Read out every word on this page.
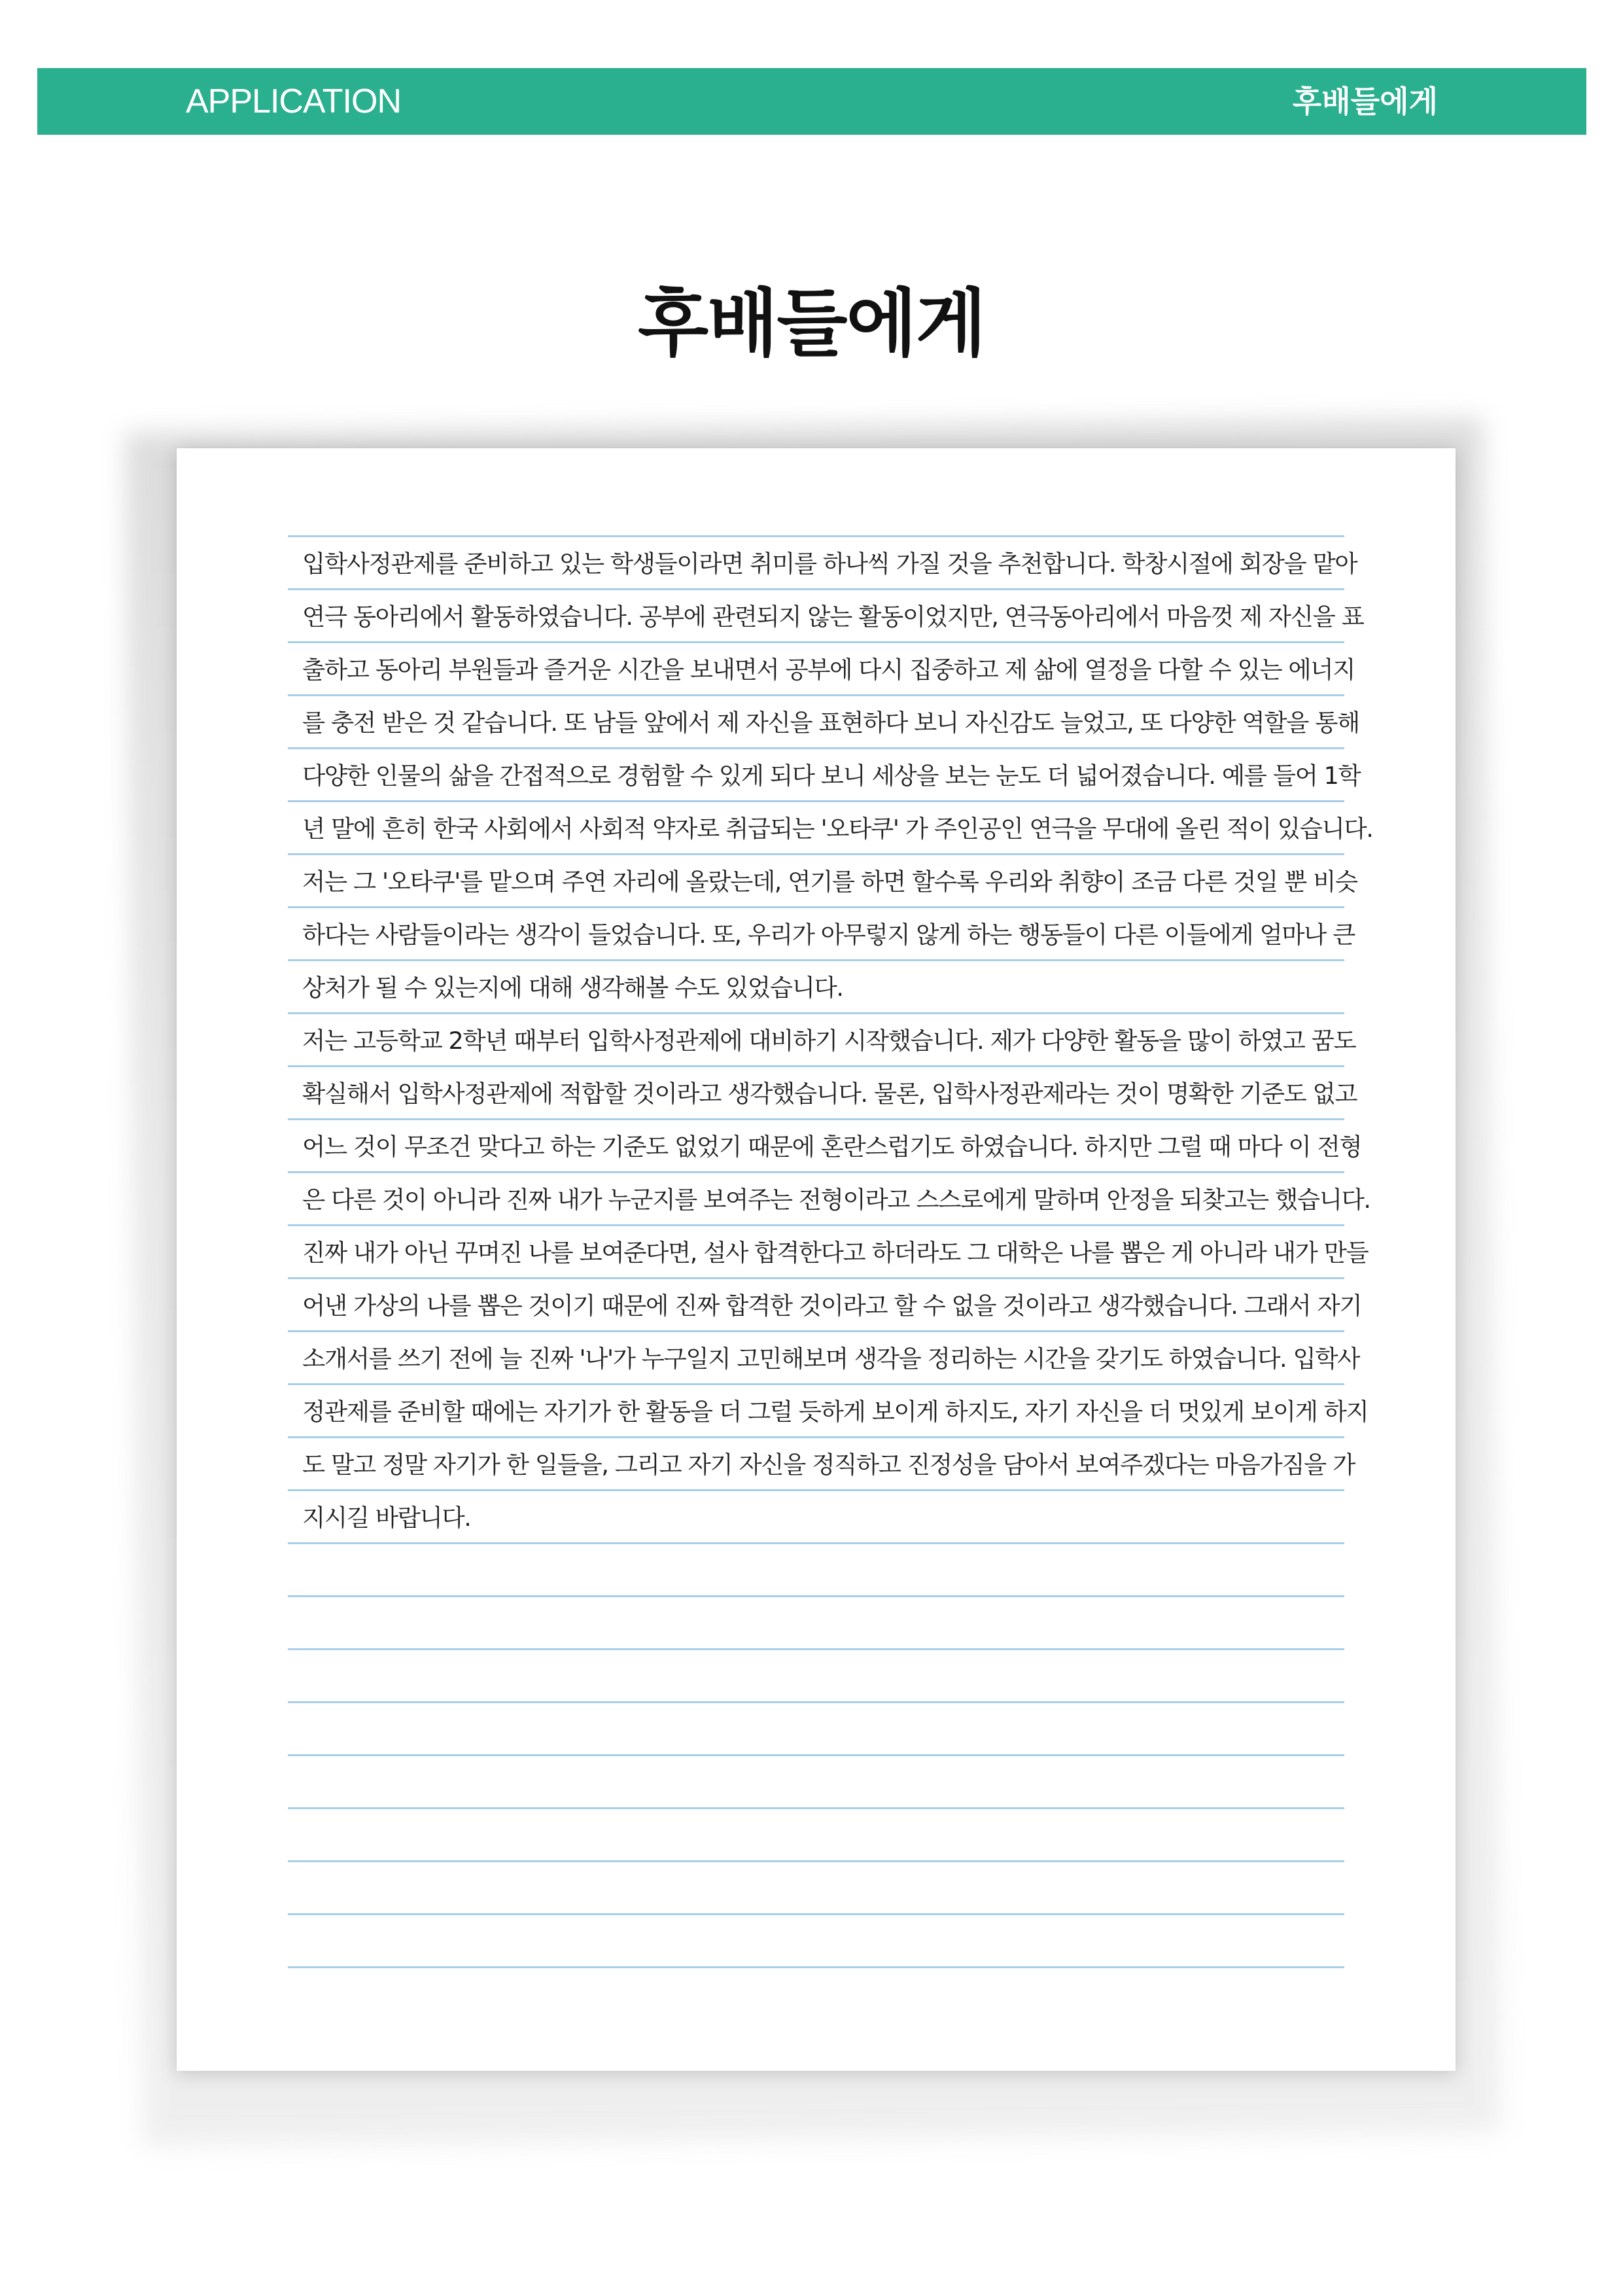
APPLICATION	후배들에게
후배들에게
입학사정관제를 준비하고 있는 학생들이라면 취미를 하나씩 가질 것을 추천합니다. 학창시절에 회장을 맡아
연극 동아리에서 활동하였습니다. 공부에 관련되지 않는 활동이었지만, 연극동아리에서 마음껏 제 자신을 표
출하고 동아리 부원들과 즐거운 시간을 보내면서 공부에 다시 집중하고 제 삶에 열정을 다할 수 있는 에너지
를 충전 받은 것 같습니다. 또 남들 앞에서 제 자신을 표현하다 보니 자신감도 늘었고, 또 다양한 역할을 통해
다양한 인물의 삶을 간접적으로 경험할 수 있게 되다 보니 세상을 보는 눈도 더 넓어졌습니다. 예를 들어 1학
년 말에 흔히 한국 사회에서 사회적 약자로 취급되는 '오타쿠' 가 주인공인 연극을 무대에 올린 적이 있습니다.
저는 그 '오타쿠'를 맡으며 주연 자리에 올랐는데, 연기를 하면 할수록 우리와 취향이 조금 다른 것일 뿐 비슷
하다는 사람들이라는 생각이 들었습니다. 또, 우리가 아무렇지 않게 하는 행동들이 다른 이들에게 얼마나 큰
상처가 될 수 있는지에 대해 생각해볼 수도 있었습니다.
저는 고등학교 2학년 때부터 입학사정관제에 대비하기 시작했습니다. 제가 다양한 활동을 많이 하였고 꿈도
확실해서 입학사정관제에 적합할 것이라고 생각했습니다. 물론, 입학사정관제라는 것이 명확한 기준도 없고
어느 것이 무조건 맞다고 하는 기준도 없었기 때문에 혼란스럽기도 하였습니다. 하지만 그럴 때 마다 이 전형
은 다른 것이 아니라 진짜 내가 누군지를 보여주는 전형이라고 스스로에게 말하며 안정을 되찾고는 했습니다.
진짜 내가 아닌 꾸며진 나를 보여준다면, 설사 합격한다고 하더라도 그 대학은 나를 뽑은 게 아니라 내가 만들
어낸 가상의 나를 뽑은 것이기 때문에 진짜 합격한 것이라고 할 수 없을 것이라고 생각했습니다. 그래서 자기
소개서를 쓰기 전에 늘 진짜 '나'가 누구일지 고민해보며 생각을 정리하는 시간을 갖기도 하였습니다. 입학사
정관제를 준비할 때에는 자기가 한 활동을 더 그럴 듯하게 보이게 하지도, 자기 자신을 더 멋있게 보이게 하지
도 말고 정말 자기가 한 일들을, 그리고 자기 자신을 정직하고 진정성을 담아서 보여주겠다는 마음가짐을 가
지시길 바랍니다.
